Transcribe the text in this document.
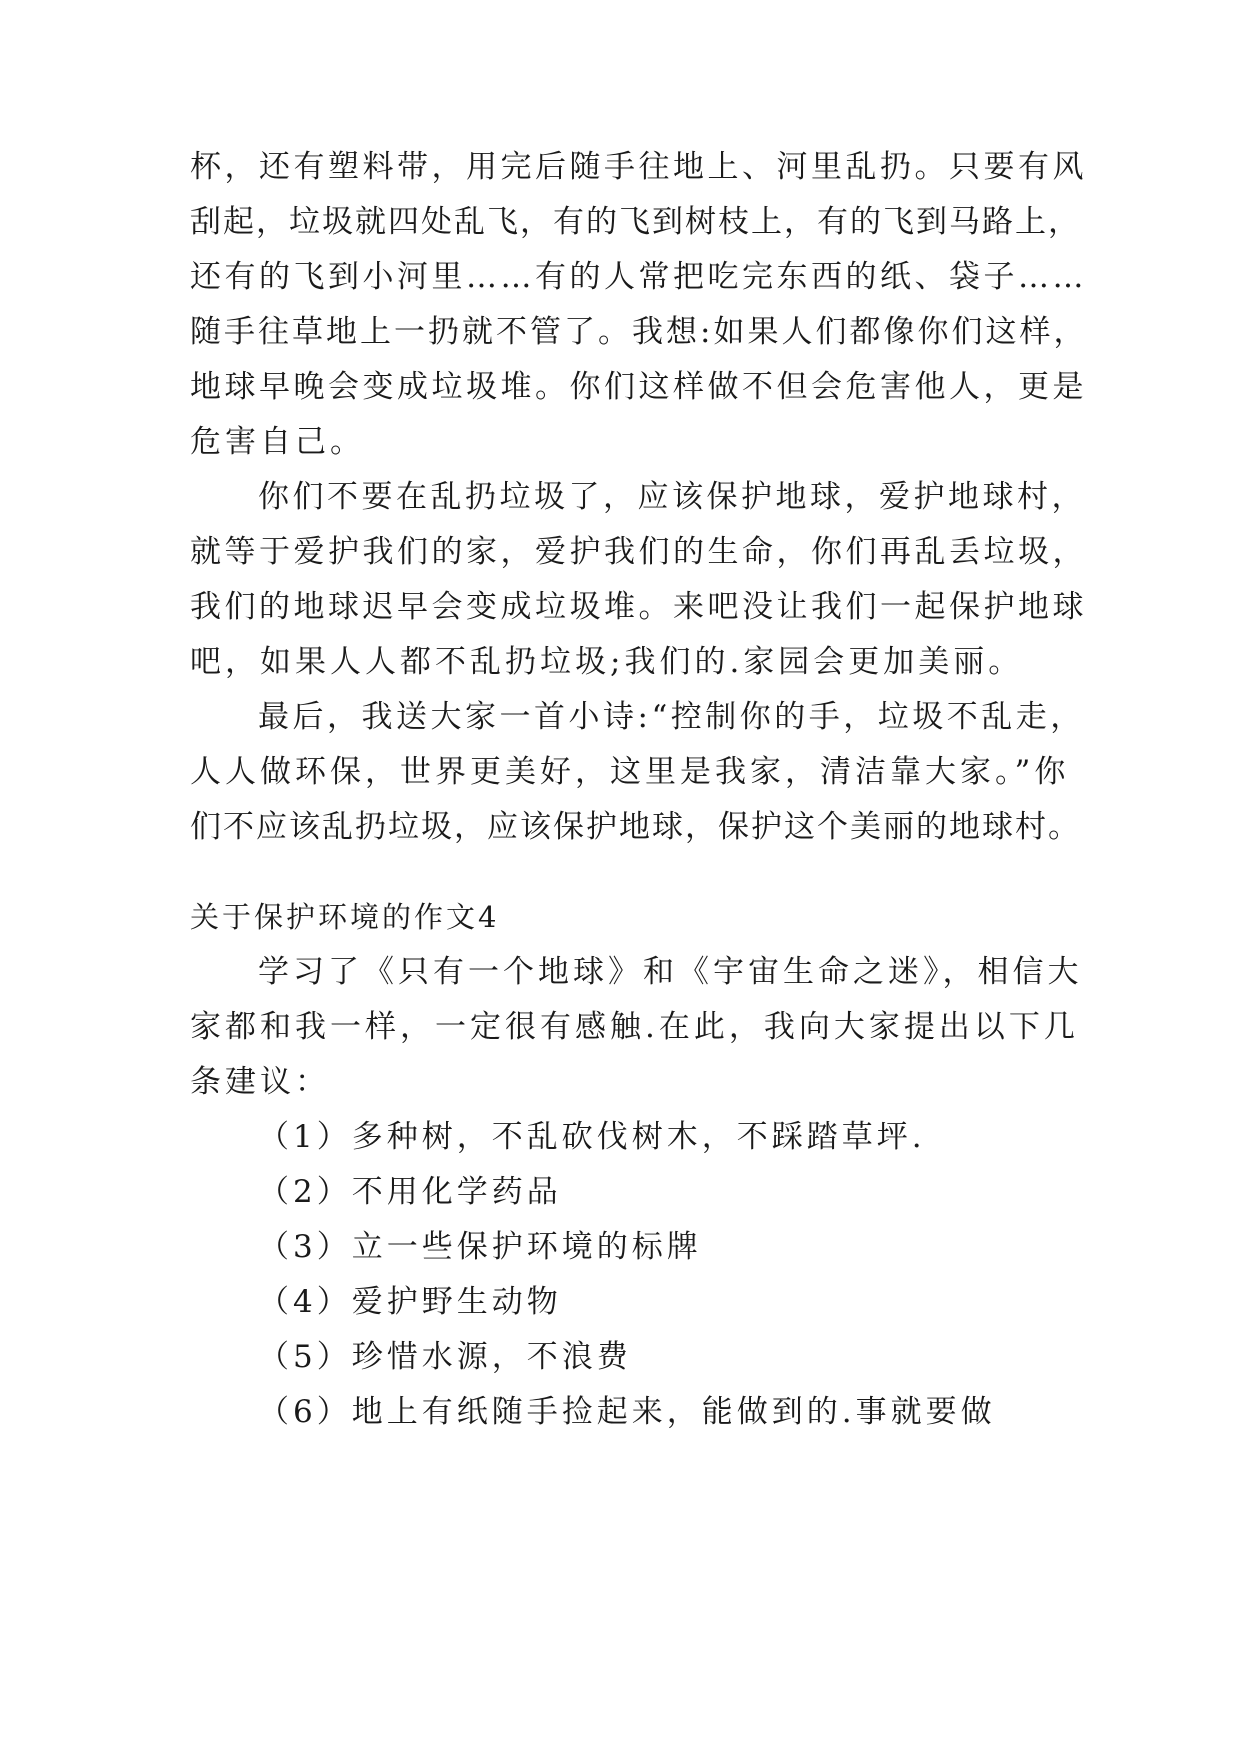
杯，还有塑料带，用完后随手往地上、河里乱扔。只要有风
刮起，垃圾就四处乱飞，有的飞到树枝上，有的飞到马路上，
还有的飞到小河里……有的人常把吃完东西的纸、袋子……
随手往草地上一扔就不管了。我想:如果人们都像你们这样，
地球早晚会变成垃圾堆。你们这样做不但会危害他人，更是
危害自己。
你们不要在乱扔垃圾了，应该保护地球，爱护地球村，
就等于爱护我们的家，爱护我们的生命，你们再乱丢垃圾，
我们的地球迟早会变成垃圾堆。来吧没让我们一起保护地球
吧，如果人人都不乱扔垃圾;我们的.家园会更加美丽。
最后，我送大家一首小诗:“控制你的手，垃圾不乱走，
人人做环保，世界更美好，这里是我家，清洁靠大家。”你
们不应该乱扔垃圾，应该保护地球，保护这个美丽的地球村。
关于保护环境的作文4
学习了《只有一个地球》和《宇宙生命之迷》，相信大
家都和我一样，一定很有感触.在此，我向大家提出以下几
条建议：
（1）多种树，不乱砍伐树木，不踩踏草坪.
（2）不用化学药品
（3）立一些保护环境的标牌
（4）爱护野生动物
（5）珍惜水源，不浪费
（6）地上有纸随手捡起来，能做到的.事就要做
